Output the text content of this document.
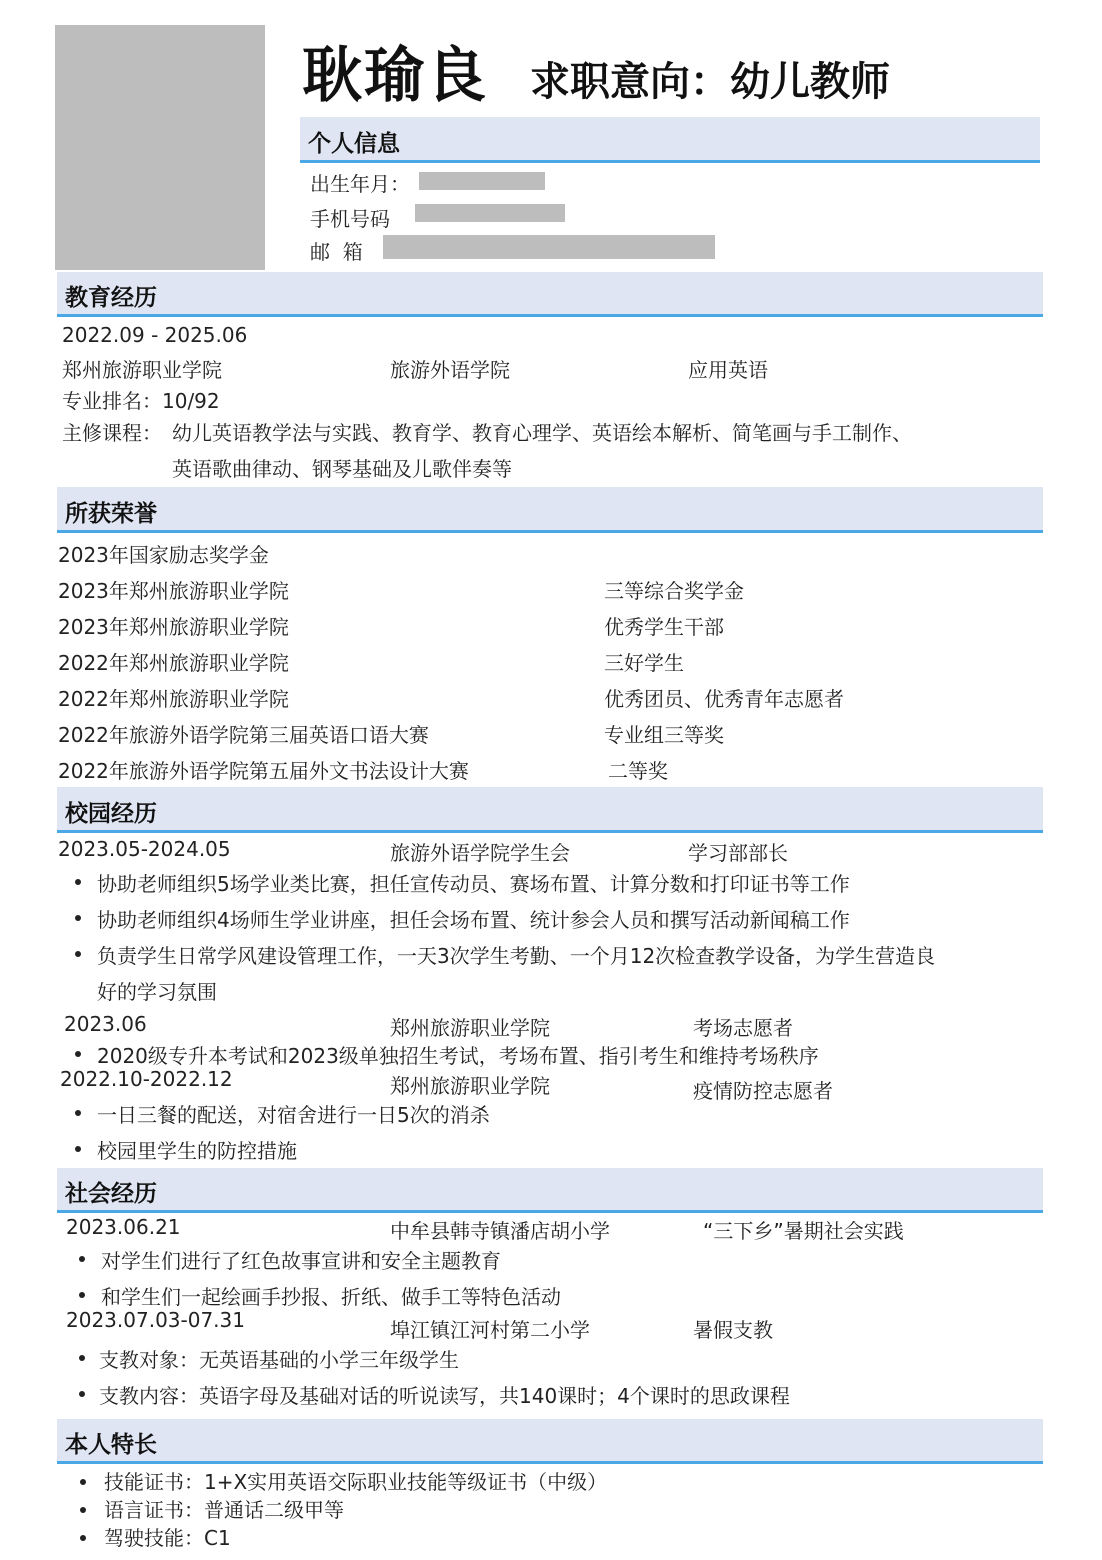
耿瑜良 求职意向：幼儿教师
个人信息
出生年月：
手机号码
邮  箱
教育经历
2022.09 - 2025.06
郑州旅游职业学院	旅游外语学院	应用英语
专业排名：10/92
主修课程： 幼儿英语教学法与实践、教育学、教育心理学、英语绘本解析、简笔画与手工制作、
英语歌曲律动、钢琴基础及儿歌伴奏等
所获荣誉
2023年国家励志奖学金
2023年郑州旅游职业学院	三等综合奖学金
2023年郑州旅游职业学院	优秀学生干部
2022年郑州旅游职业学院	三好学生
2022年郑州旅游职业学院	优秀团员、优秀青年志愿者
2022年旅游外语学院第三届英语口语大赛	专业组三等奖
2022年旅游外语学院第五届外文书法设计大赛	二等奖
校园经历
2023.05-2024.05	旅游外语学院学生会	学习部部长
协助老师组织5场学业类比赛，担任宣传动员、赛场布置、计算分数和打印证书等工作
协助老师组织4场师生学业讲座，担任会场布置、统计参会人员和撰写活动新闻稿工作
负责学生日常学风建设管理工作，一天3次学生考勤、一个月12次检查教学设备，为学生营造良
好的学习氛围
2023.06	郑州旅游职业学院	考场志愿者
2020级专升本考试和2023级单独招生考试，考场布置、指引考生和维持考场秩序
2022.10-2022.12	郑州旅游职业学院	疫情防控志愿者
一日三餐的配送，对宿舍进行一日5次的消杀
校园里学生的防控措施
社会经历
2023.06.21	中牟县韩寺镇潘店胡小学	“三下乡”暑期社会实践
对学生们进行了红色故事宣讲和安全主题教育
和学生们一起绘画手抄报、折纸、做手工等特色活动
2023.07.03-07.31	埠江镇江河村第二小学	暑假支教
支教对象：无英语基础的小学三年级学生
支教内容：英语字母及基础对话的听说读写，共140课时；4个课时的思政课程
本人特长
技能证书：1+X实用英语交际职业技能等级证书（中级）
语言证书：普通话二级甲等
驾驶技能：C1
